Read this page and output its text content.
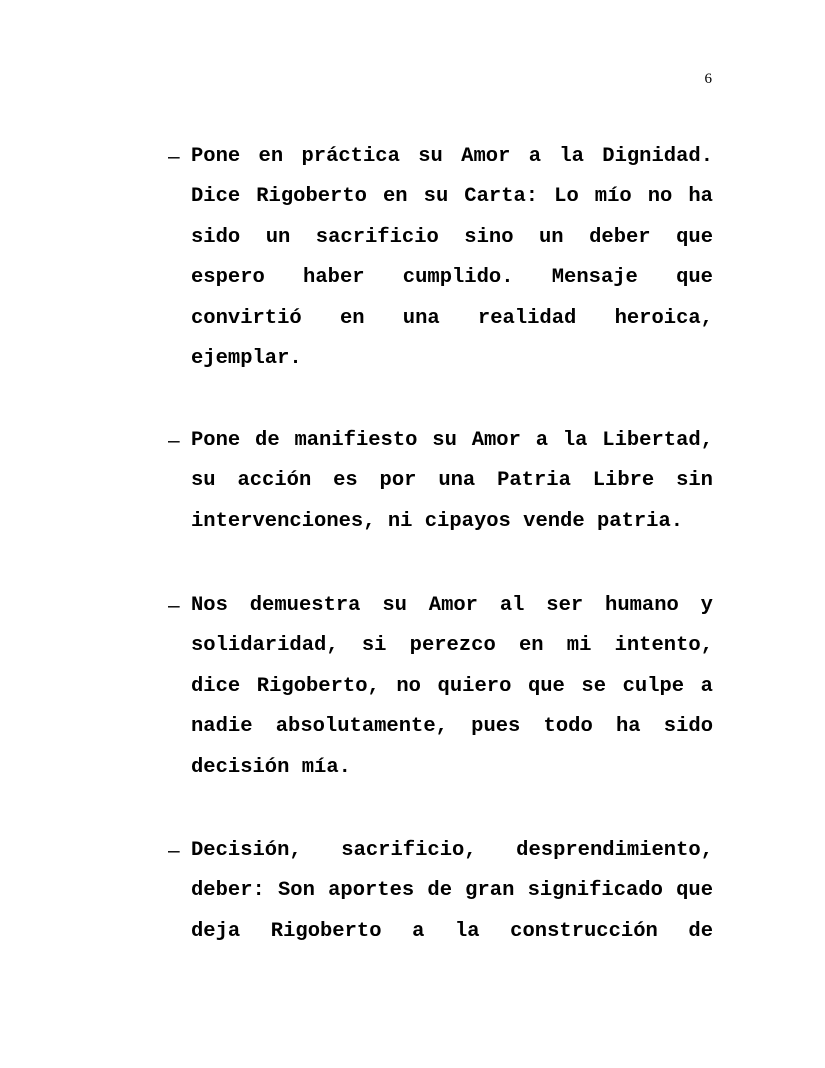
6
– Pone en práctica su Amor a la Dignidad. Dice Rigoberto en su Carta: Lo mío no ha sido un sacrificio sino un deber que espero haber cumplido. Mensaje que convirtió en una realidad heroica, ejemplar.

– Pone de manifiesto su Amor a la Libertad, su acción es por una Patria Libre sin intervenciones, ni cipayos vende patria.

– Nos demuestra su Amor al ser humano y solidaridad, si perezco en mi intento, dice Rigoberto, no quiero que se culpe a nadie absolutamente, pues todo ha sido decisión mía.

– Decisión, sacrificio, desprendimiento, deber: Son aportes de gran significado que deja Rigoberto a la construcción de
